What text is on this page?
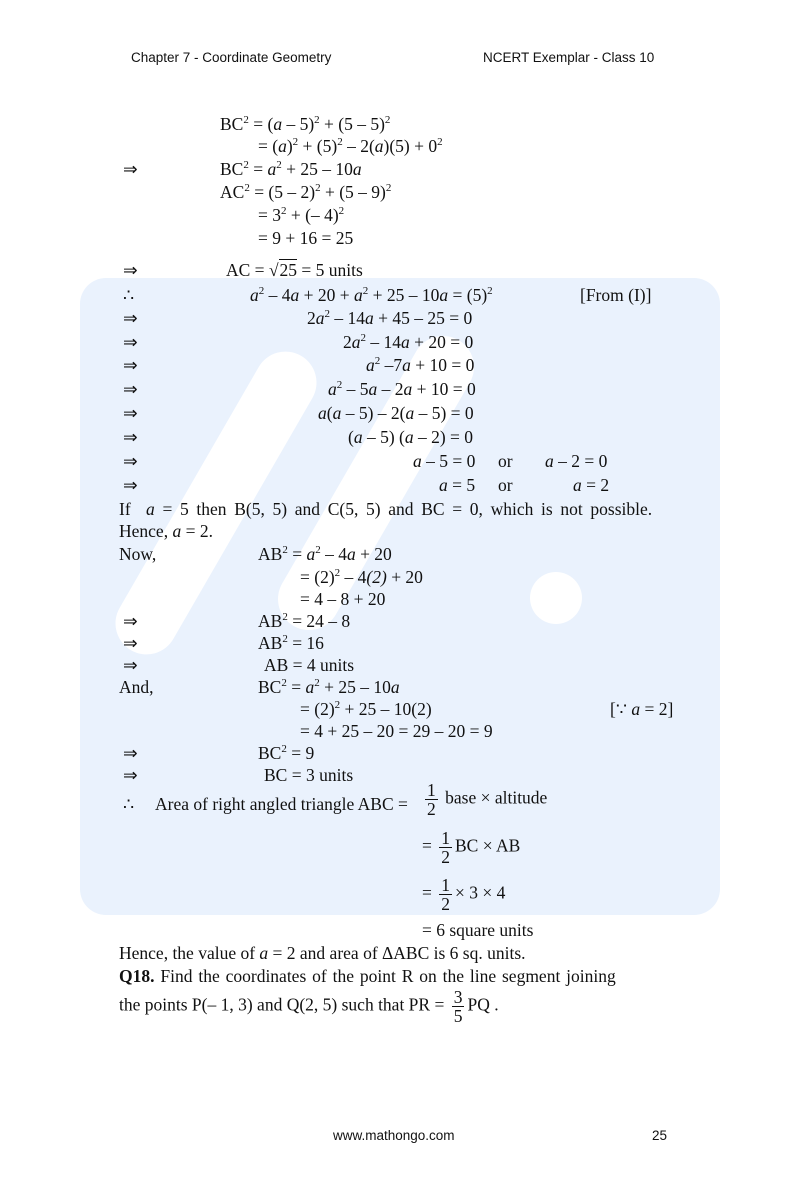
Chapter 7 - Coordinate Geometry	NCERT Exemplar - Class 10
$BC^2 = (a - 5)^2 + (5 - 5)^2$
= $(a)^2 + (5)^2 - 2(a)(5) + 0^2$
⇒	$BC^2 = a^2 + 25 - 10a$
$AC^2 = (5 - 2)^2 + (5 - 9)^2$
= $3^2$ + (– 4)$^2$
= 9 + 16 = 25
⇒	AC = √25 = 5 units
∴	$a^2 - 4a + 20 + a^2 + 25 - 10a = (5)^2$	[From (I)]
⇒	$2a^2 - 14a + 45 - 25 = 0$
⇒	$2a^2 - 14a + 20 = 0$
⇒	$a^2$ –7a + 10 = 0
⇒	$a^2 - 5a - 2a + 10 = 0$
⇒	a(a – 5) – 2(a – 5) = 0
⇒	(a – 5) (a – 2) = 0
⇒	a – 5 = 0 or a – 2 = 0
⇒	a = 5 or	a = 2
If  a = 5 then B(5, 5) and C(5, 5) and BC = 0, which is not possible.
Hence, a = 2.
Now,	$AB^2 = a^2 - 4a + 20$
= $(2)^2 - 4(2) + 20$
= 4 – 8 + 20
⇒	$AB^2 = 24 - 8$
⇒	$AB^2 = 16$
⇒	AB = 4 units
And,	$BC^2 = a^2 + 25 - 10a$
= $(2)^2 + 25 - 10(2)$	[∵ a = 2]
= 4 + 25 – 20 = 29 – 20 = 9
⇒	$BC^2 = 9$
⇒	BC = 3 units
∴ Area of right angled triangle ABC = $\frac{1}{2}$ base × altitude
= $\frac{1}{2}$ BC × AB
= $\frac{1}{2} \times 3 \times 4$
= 6 square units
Hence, the value of a = 2 and area of ΔABC is 6 sq. units.
Q18. Find the coordinates of the point R on the line segment joining
the points P(– 1, 3) and Q(2, 5) such that PR = $\frac{3}{5}$ PQ .
www.mathongo.com	25
